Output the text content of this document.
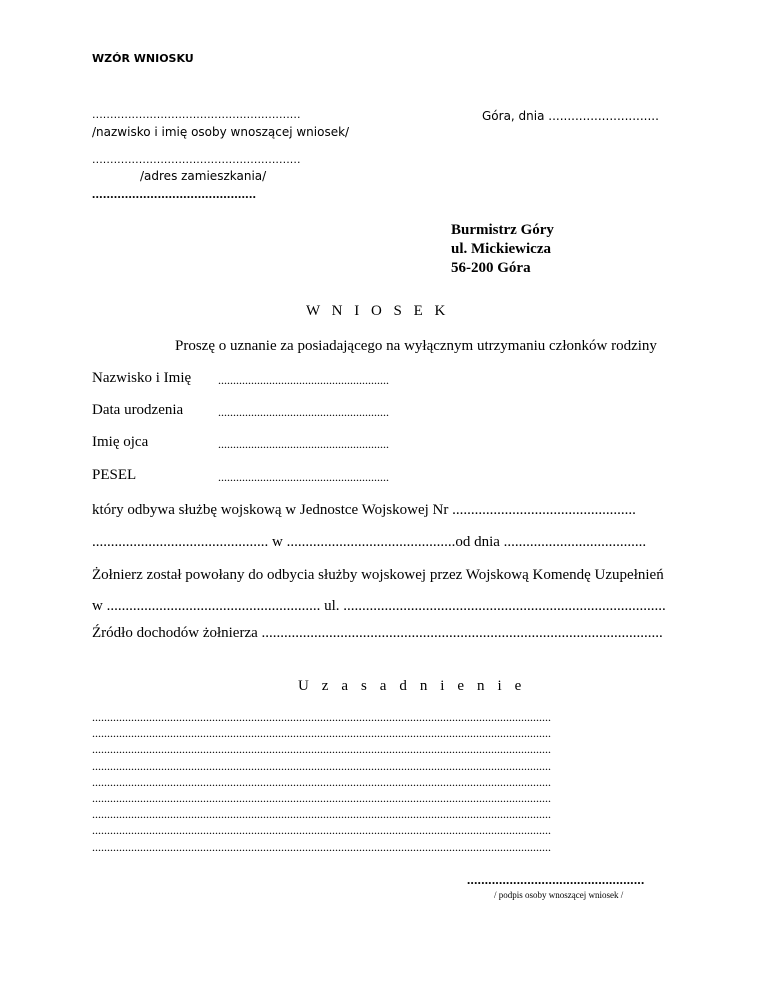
WZÓR WNIOSKU
..........................................................
/nazwisko i imię osoby wnoszącej wniosek/
Góra, dnia .............................
..........................................................
/adres zamieszkania/
.............................................
Burmistrz Góry
ul. Mickiewicza
56-200 Góra
W N I O S E K
Proszę o uznanie za posiadającego na wyłącznym utrzymaniu członków rodziny
Nazwisko i Imię .........................................................
Data urodzenia	.........................................................
Imię ojca	.........................................................
PESEL	.........................................................
który odbywa służbę wojskową w Jednostce Wojskowej Nr .................................................
............................................... w .............................................od dnia ......................................
Żołnierz został powołany do odbycia służby wojskowej przez Wojskową Komendę Uzupełnień
w ......................................................... ul. ......................................................................................
Źródło dochodów żołnierza ...........................................................................................................
U z a s a d n i e n i e
.........................................................................................................................................................
.........................................................................................................................................................
.........................................................................................................................................................
.........................................................................................................................................................
.........................................................................................................................................................
.........................................................................................................................................................
.........................................................................................................................................................
.........................................................................................................................................................
.........................................................................................................................................................
..................................................
/ podpis osoby wnoszącej wniosek /
